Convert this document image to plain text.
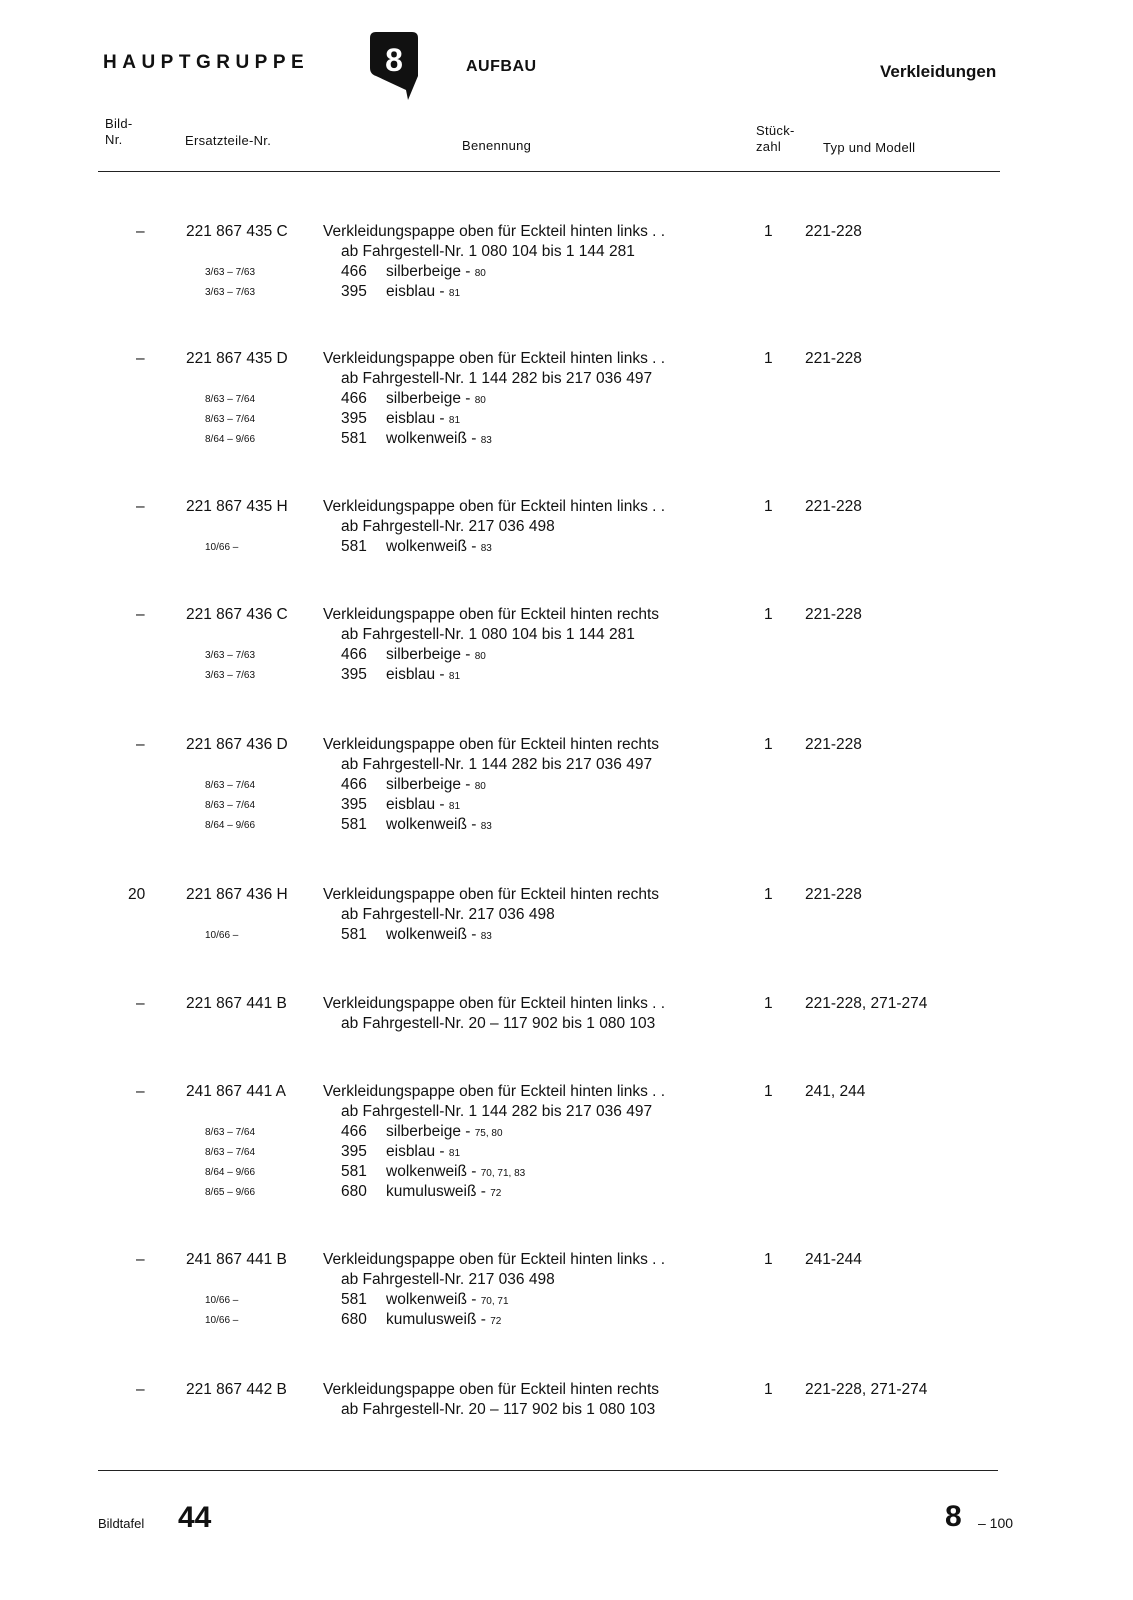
HAUPTGRUPPE	8	AUFBAU	Verkleidungen
Bild-
Nr.	Ersatzteile-Nr.	Benennung
Stück-
zahl	Typ und Modell
–	221 867 435 C Verkleidungspappe oben für Eckteil hinten links . .	1 221-228
ab Fahrgestell-Nr. 1 080 104 bis 1 144 281
3/63 – 7/63	466 silberbeige - 80
3/63 – 7/63	395 eisblau - 81
–	221 867 435 D Verkleidungspappe oben für Eckteil hinten links . .	1 221-228
ab Fahrgestell-Nr. 1 144 282 bis 217 036 497
8/63 – 7/64	466 silberbeige - 80
8/63 – 7/64	395 eisblau - 81
8/64 – 9/66	581 wolkenweiß - 83
–	221 867 435 H Verkleidungspappe oben für Eckteil hinten links . .	1 221-228
ab Fahrgestell-Nr. 217 036 498
10/66 –	581 wolkenweiß - 83
–	221 867 436 C Verkleidungspappe oben für Eckteil hinten rechts	1 221-228
ab Fahrgestell-Nr. 1 080 104 bis 1 144 281
3/63 – 7/63	466 silberbeige - 80
3/63 – 7/63	395 eisblau - 81
–	221 867 436 D Verkleidungspappe oben für Eckteil hinten rechts	1 221-228
ab Fahrgestell-Nr. 1 144 282 bis 217 036 497
8/63 – 7/64	466 silberbeige - 80
8/63 – 7/64	395 eisblau - 81
8/64 – 9/66	581 wolkenweiß - 83
20	221 867 436 H Verkleidungspappe oben für Eckteil hinten rechts	1 221-228
ab Fahrgestell-Nr. 217 036 498
10/66 –	581 wolkenweiß - 83
–	221 867 441 B Verkleidungspappe oben für Eckteil hinten links . .	1 221-228, 271-274
ab Fahrgestell-Nr. 20 – 117 902 bis 1 080 103
–	241 867 441 A Verkleidungspappe oben für Eckteil hinten links . .	1 241, 244
ab Fahrgestell-Nr. 1 144 282 bis 217 036 497
8/63 – 7/64	466 silberbeige - 75, 80
8/63 – 7/64	395 eisblau - 81
8/64 – 9/66	581 wolkenweiß - 70, 71, 83
8/65 – 9/66	680 kumulusweiß - 72
–	241 867 441 B Verkleidungspappe oben für Eckteil hinten links . .	1 241-244
ab Fahrgestell-Nr. 217 036 498
10/66 –	581 wolkenweiß - 70, 71
10/66 –	680 kumulusweiß - 72
–	221 867 442 B Verkleidungspappe oben für Eckteil hinten rechts	1 221-228, 271-274
ab Fahrgestell-Nr. 20 – 117 902 bis 1 080 103
Bildtafel 44	8 – 100
